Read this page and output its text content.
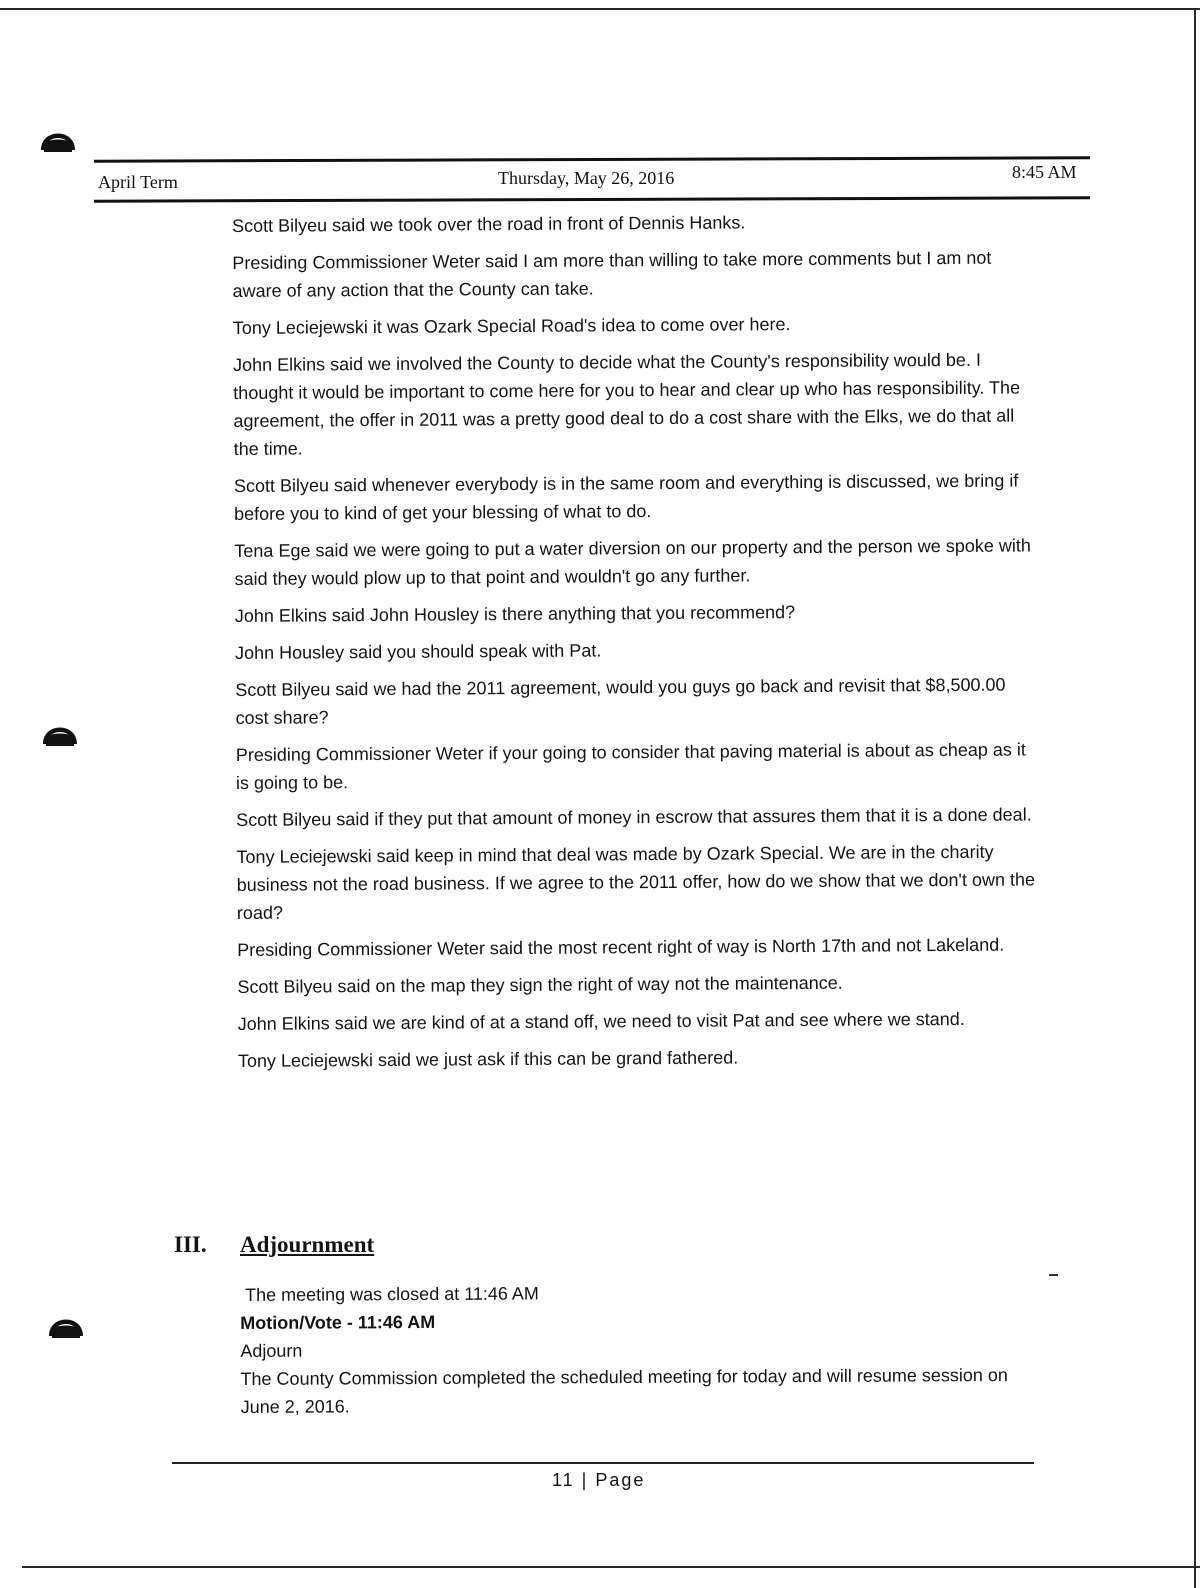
April Term	Thursday, May 26, 2016	8:45 AM

Scott Bilyeu said we took over the road in front of Dennis Hanks.

Presiding Commissioner Weter said I am more than willing to take more comments but I am not aware of any action that the County can take.

Tony Leciejewski it was Ozark Special Road's idea to come over here.

John Elkins said we involved the County to decide what the County's responsibility would be. I thought it would be important to come here for you to hear and clear up who has responsibility. The agreement, the offer in 2011 was a pretty good deal to do a cost share with the Elks, we do that all the time.

Scott Bilyeu said whenever everybody is in the same room and everything is discussed, we bring if before you to kind of get your blessing of what to do.

Tena Ege said we were going to put a water diversion on our property and the person we spoke with said they would plow up to that point and wouldn't go any further.

John Elkins said John Housley is there anything that you recommend?

John Housley said you should speak with Pat.

Scott Bilyeu said we had the 2011 agreement, would you guys go back and revisit that $8,500.00 cost share?

Presiding Commissioner Weter if your going to consider that paving material is about as cheap as it is going to be.

Scott Bilyeu said if they put that amount of money in escrow that assures them that it is a done deal.

Tony Leciejewski said keep in mind that deal was made by Ozark Special. We are in the charity business not the road business. If we agree to the 2011 offer, how do we show that we don't own the road?

Presiding Commissioner Weter said the most recent right of way is North 17th and not Lakeland.

Scott Bilyeu said on the map they sign the right of way not the maintenance.

John Elkins said we are kind of at a stand off, we need to visit Pat and see where we stand.

Tony Leciejewski said we just ask if this can be grand fathered.

III. Adjournment
The meeting was closed at 11:46 AM
Motion/Vote - 11:46 AM
Adjourn
The County Commission completed the scheduled meeting for today and will resume session on June 2, 2016.
11 | Page
